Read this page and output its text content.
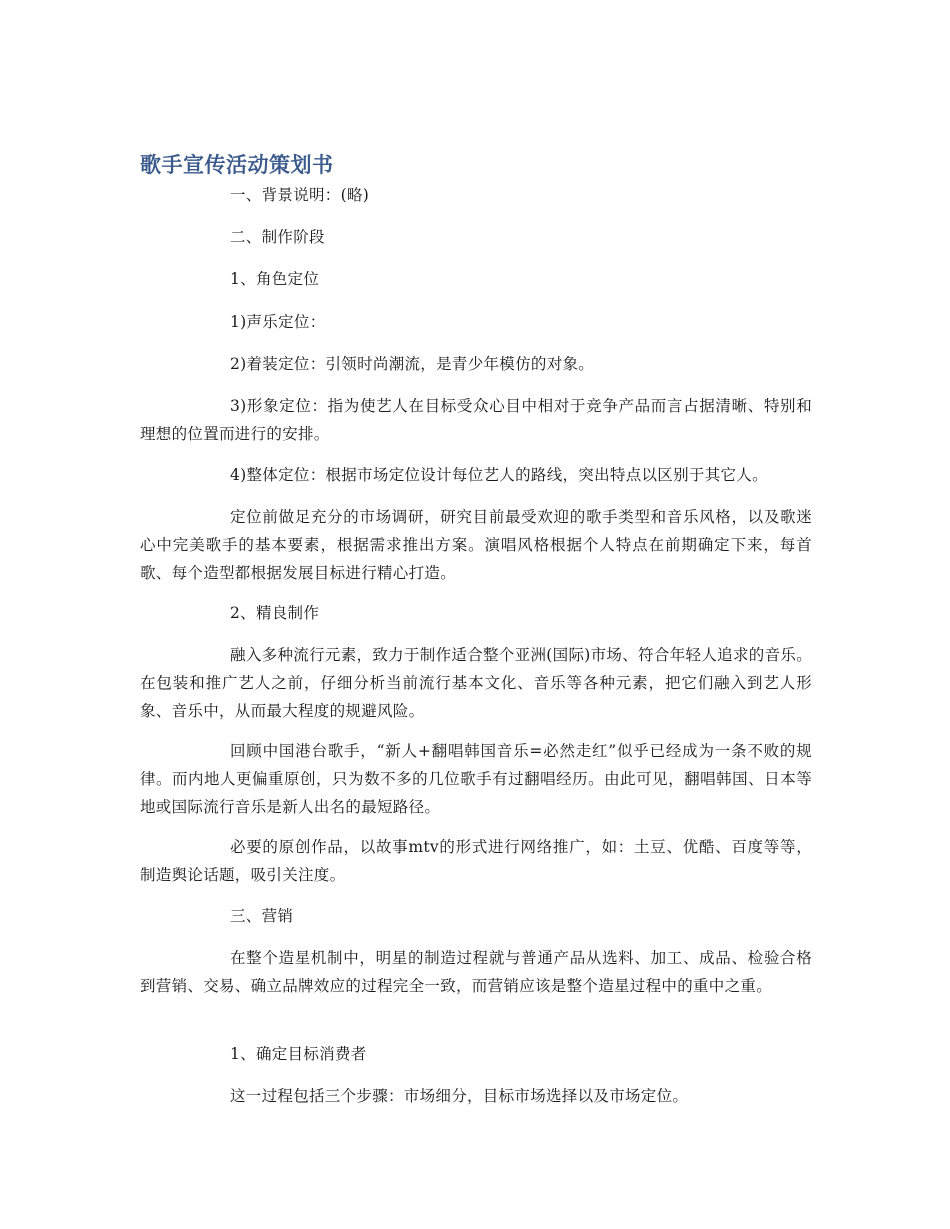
歌手宣传活动策划书

一、背景说明：(略)

二、制作阶段

1、角色定位

1)声乐定位：

2)着装定位：引领时尚潮流，是青少年模仿的对象。

3)形象定位：指为使艺人在目标受众心目中相对于竞争产品而言占据清晰、特别和理想的位置而进行的安排。

4)整体定位：根据市场定位设计每位艺人的路线，突出特点以区别于其它人。

定位前做足充分的市场调研，研究目前最受欢迎的歌手类型和音乐风格，以及歌迷心中完美歌手的基本要素，根据需求推出方案。演唱风格根据个人特点在前期确定下来，每首歌、每个造型都根据发展目标进行精心打造。

2、精良制作

融入多种流行元素，致力于制作适合整个亚洲(国际)市场、符合年轻人追求的音乐。在包装和推广艺人之前，仔细分析当前流行基本文化、音乐等各种元素，把它们融入到艺人形象、音乐中，从而最大程度的规避风险。

回顾中国港台歌手，“新人+翻唱韩国音乐=必然走红”似乎已经成为一条不败的规律。而内地人更偏重原创，只为数不多的几位歌手有过翻唱经历。由此可见，翻唱韩国、日本等地或国际流行音乐是新人出名的最短路径。

必要的原创作品，以故事mtv的形式进行网络推广，如：土豆、优酷、百度等等，制造舆论话题，吸引关注度。

三、营销

在整个造星机制中，明星的制造过程就与普通产品从选料、加工、成品、检验合格到营销、交易、确立品牌效应的过程完全一致，而营销应该是整个造星过程中的重中之重。

1、确定目标消费者

这一过程包括三个步骤：市场细分，目标市场选择以及市场定位。
